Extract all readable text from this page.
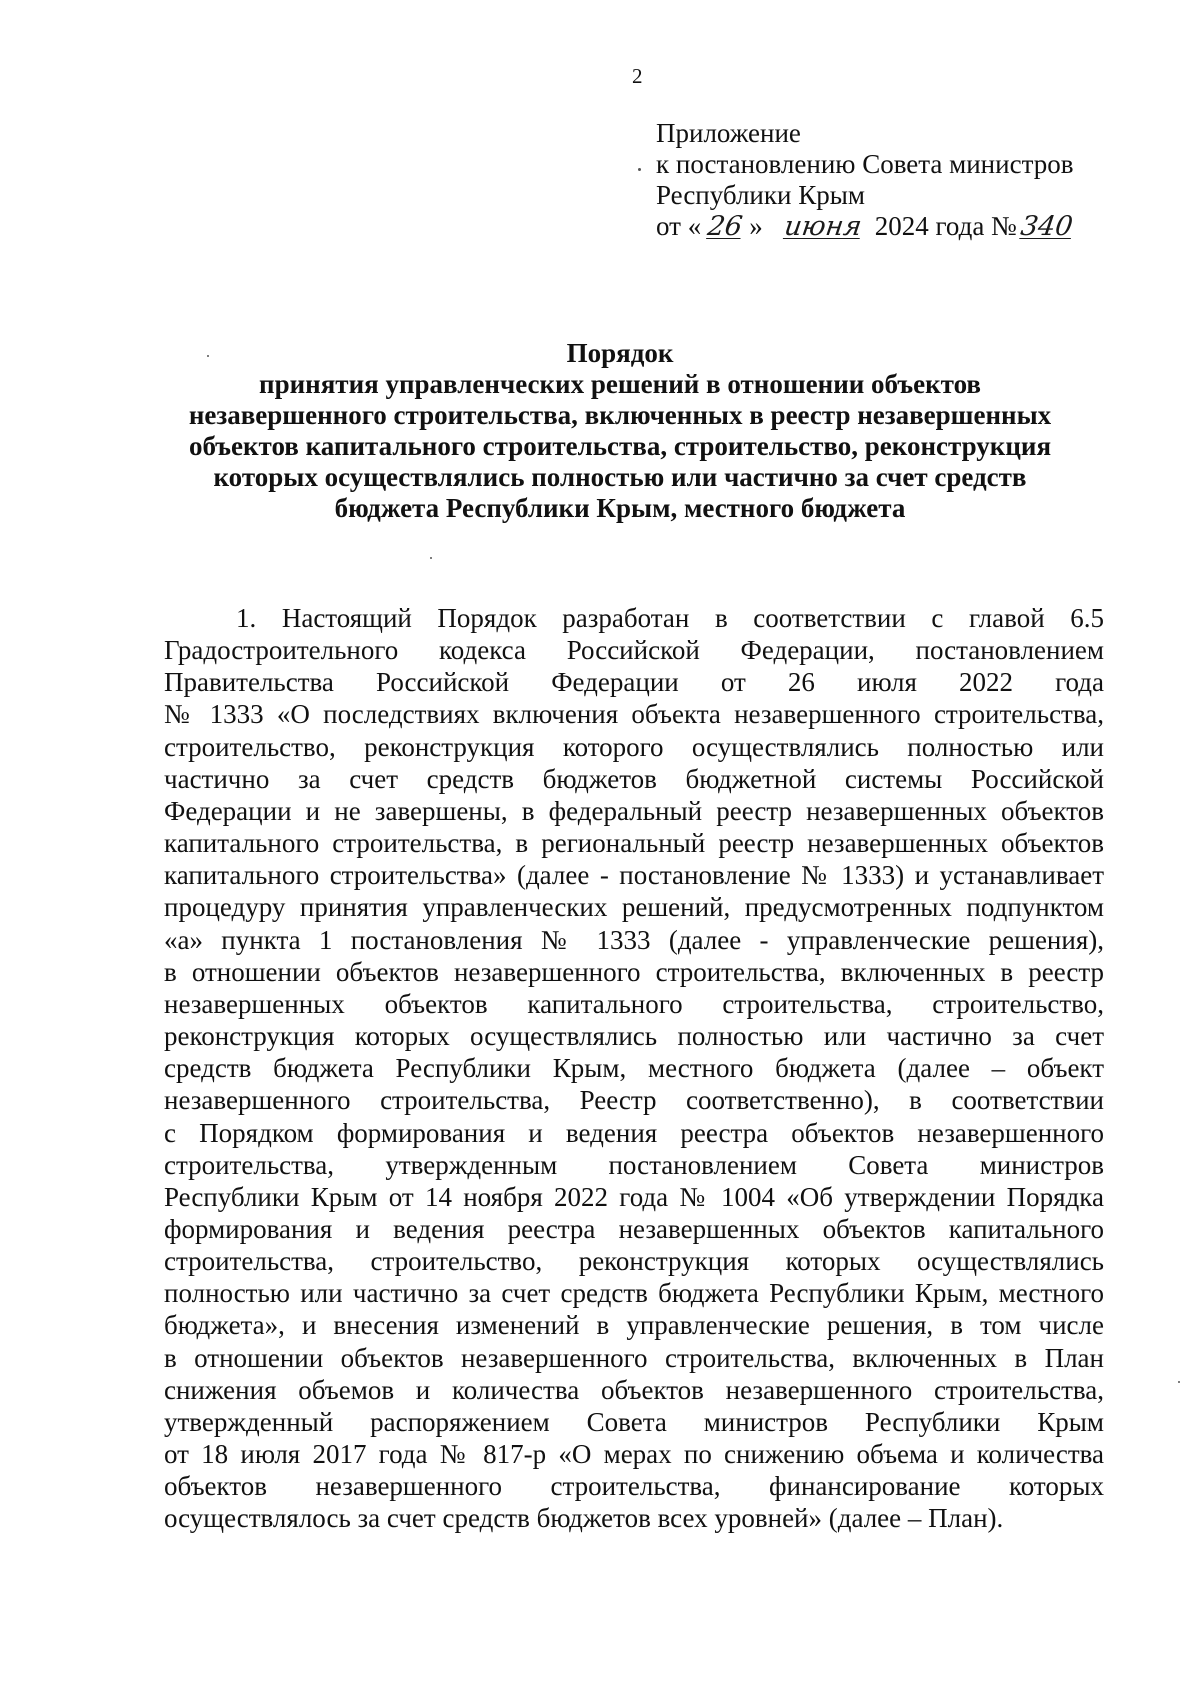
2
Приложение
к постановлению Совета министров
Республики Крым
от « 26 » июня 2024 года №340
Порядок
принятия управленческих решений в отношении объектов
незавершенного строительства, включенных в реестр незавершенных
объектов капитального строительства, строительство, реконструкция
которых осуществлялись полностью или частично за счет средств
бюджета Республики Крым, местного бюджета
1. Настоящий Порядок разработан в соответствии с главой 6.5
Градостроительного кодекса Российской Федерации, постановлением
Правительства Российской Федерации от 26 июля 2022 года
№ 1333 «О последствиях включения объекта незавершенного строительства,
строительство, реконструкция которого осуществлялись полностью или
частично за счет средств бюджетов бюджетной системы Российской
Федерации и не завершены, в федеральный реестр незавершенных объектов
капитального строительства, в региональный реестр незавершенных объектов
капитального строительства» (далее - постановление № 1333) и устанавливает
процедуру принятия управленческих решений, предусмотренных подпунктом
«а» пункта 1 постановления № 1333 (далее - управленческие решения),
в отношении объектов незавершенного строительства, включенных в реестр
незавершенных объектов капитального строительства, строительство,
реконструкция которых осуществлялись полностью или частично за счет
средств бюджета Республики Крым, местного бюджета (далее – объект
незавершенного строительства, Реестр соответственно), в соответствии
с Порядком формирования и ведения реестра объектов незавершенного
строительства, утвержденным постановлением Совета министров
Республики Крым от 14 ноября 2022 года № 1004 «Об утверждении Порядка
формирования и ведения реестра незавершенных объектов капитального
строительства, строительство, реконструкция которых осуществлялись
полностью или частично за счет средств бюджета Республики Крым, местного
бюджета», и внесения изменений в управленческие решения, в том числе
в отношении объектов незавершенного строительства, включенных в План
снижения объемов и количества объектов незавершенного строительства,
утвержденный распоряжением Совета министров Республики Крым
от 18 июля 2017 года № 817-р «О мерах по снижению объема и количества
объектов незавершенного строительства, финансирование которых
осуществлялось за счет средств бюджетов всех уровней» (далее – План).
